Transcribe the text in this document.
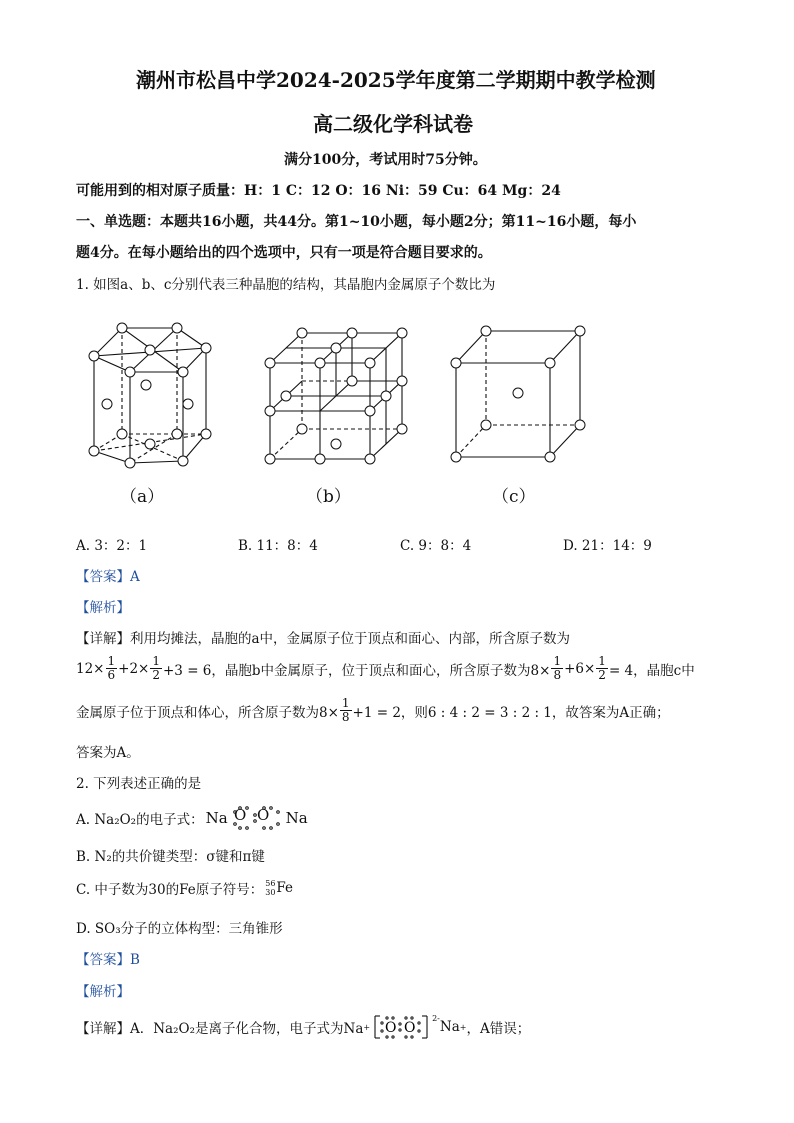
潮州市松昌中学2024-2025学年度第二学期期中教学检测
高二级化学科试卷
满分100分，考试用时75分钟。
可能用到的相对原子质量：H：1 C：12 O：16 Ni：59 Cu：64 Mg：24
一、单选题：本题共16小题，共44分。第1~10小题，每小题2分；第11~16小题，每小
题4分。在每小题给出的四个选项中，只有一项是符合题目要求的。
1. 如图a、b、c分别代表三种晶胞的结构，其晶胞内金属原子个数比为
（a）	（b）	（c）
A. 3：2：1	B. 11：8：4	C. 9：8：4	D. 21：14：9
【答案】A
【解析】
【详解】利用均摊法，晶胞的a中，金属原子位于顶点和面心、内部，所含原子数为
$12\times \frac{1}{6} +2\times \frac{1}{2} +3 = 6$，晶胞b中金属原子，位于顶点和面心，所含原子数为$8\times \frac{1}{8} +6\times \frac{1}{2} = 4$，晶胞c中
金属原子位于顶点和体心，所含原子数为$8\times \frac{1}{8} +1 = 2$，则6 : 4 : 2 = 3 : 2 : 1，故答案为A正确；
答案为A。
2. 下列表述正确的是
A. Na₂O₂的电子式： Na	Na
O O
B. N₂的共价键类型：σ键和π键
C. 中子数为30的Fe原子符号： 56
30 Fe
D. SO₃分子的立体构型：三角锥形
【答案】B
【解析】
【详解】A．Na₂O₂是离子化合物，电子式为Na + O O
$^{2-}$
Na + ，A错误；
